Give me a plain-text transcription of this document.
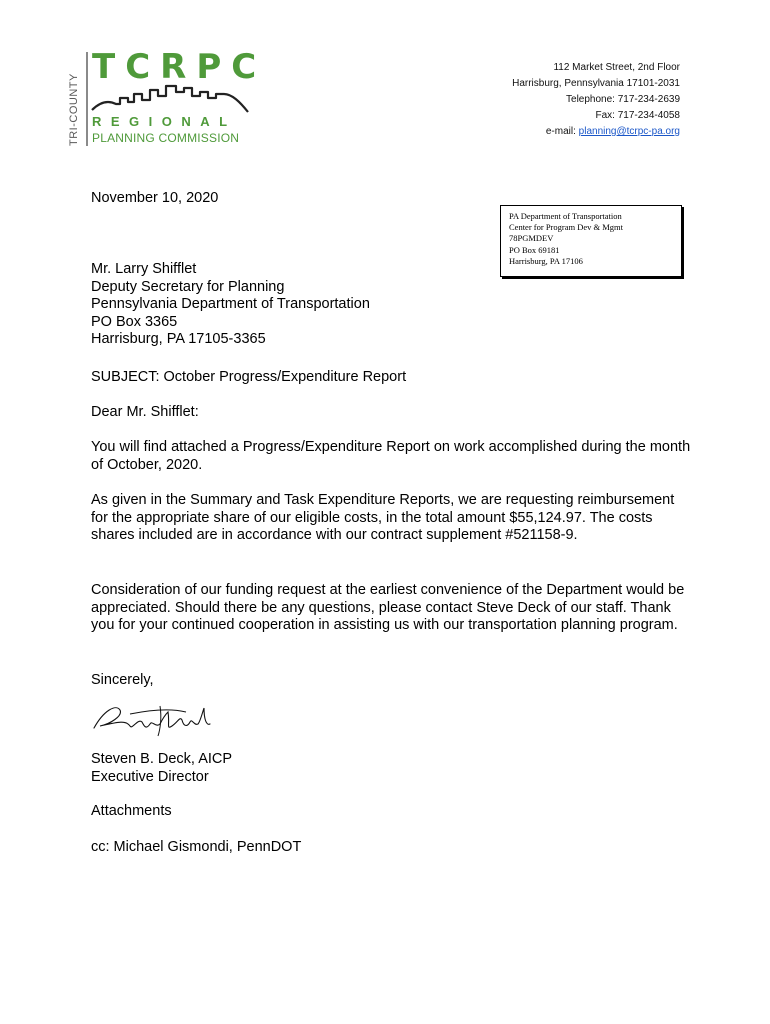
TRI-COUNTY
TCRPC
REGIONAL
PLANNING COMMISSION
112 Market Street, 2nd Floor
Harrisburg, Pennsylvania 17101-2031
Telephone: 717-234-2639
Fax: 717-234-4058
e-mail: planning@tcrpc-pa.org
November 10, 2020
PA Department of Transportation
Center for Program Dev & Mgmt
78PGMDEV
PO Box 69181
Harrisburg, PA 17106
Mr. Larry Shifflet
Deputy Secretary for Planning
Pennsylvania Department of Transportation
PO Box 3365
Harrisburg, PA 17105-3365
SUBJECT: October Progress/Expenditure Report
Dear Mr. Shifflet:
You will find attached a Progress/Expenditure Report on work accomplished during the month of October, 2020.
As given in the Summary and Task Expenditure Reports, we are requesting reimbursement for the appropriate share of our eligible costs, in the total amount $55,124.97. The costs shares included are in accordance with our contract supplement #521158-9.
Consideration of our funding request at the earliest convenience of the Department would be appreciated. Should there be any questions, please contact Steve Deck of our staff. Thank you for your continued cooperation in assisting us with our transportation planning program.
Sincerely,
Steven B. Deck, AICP
Executive Director
Attachments
cc: Michael Gismondi, PennDOT
